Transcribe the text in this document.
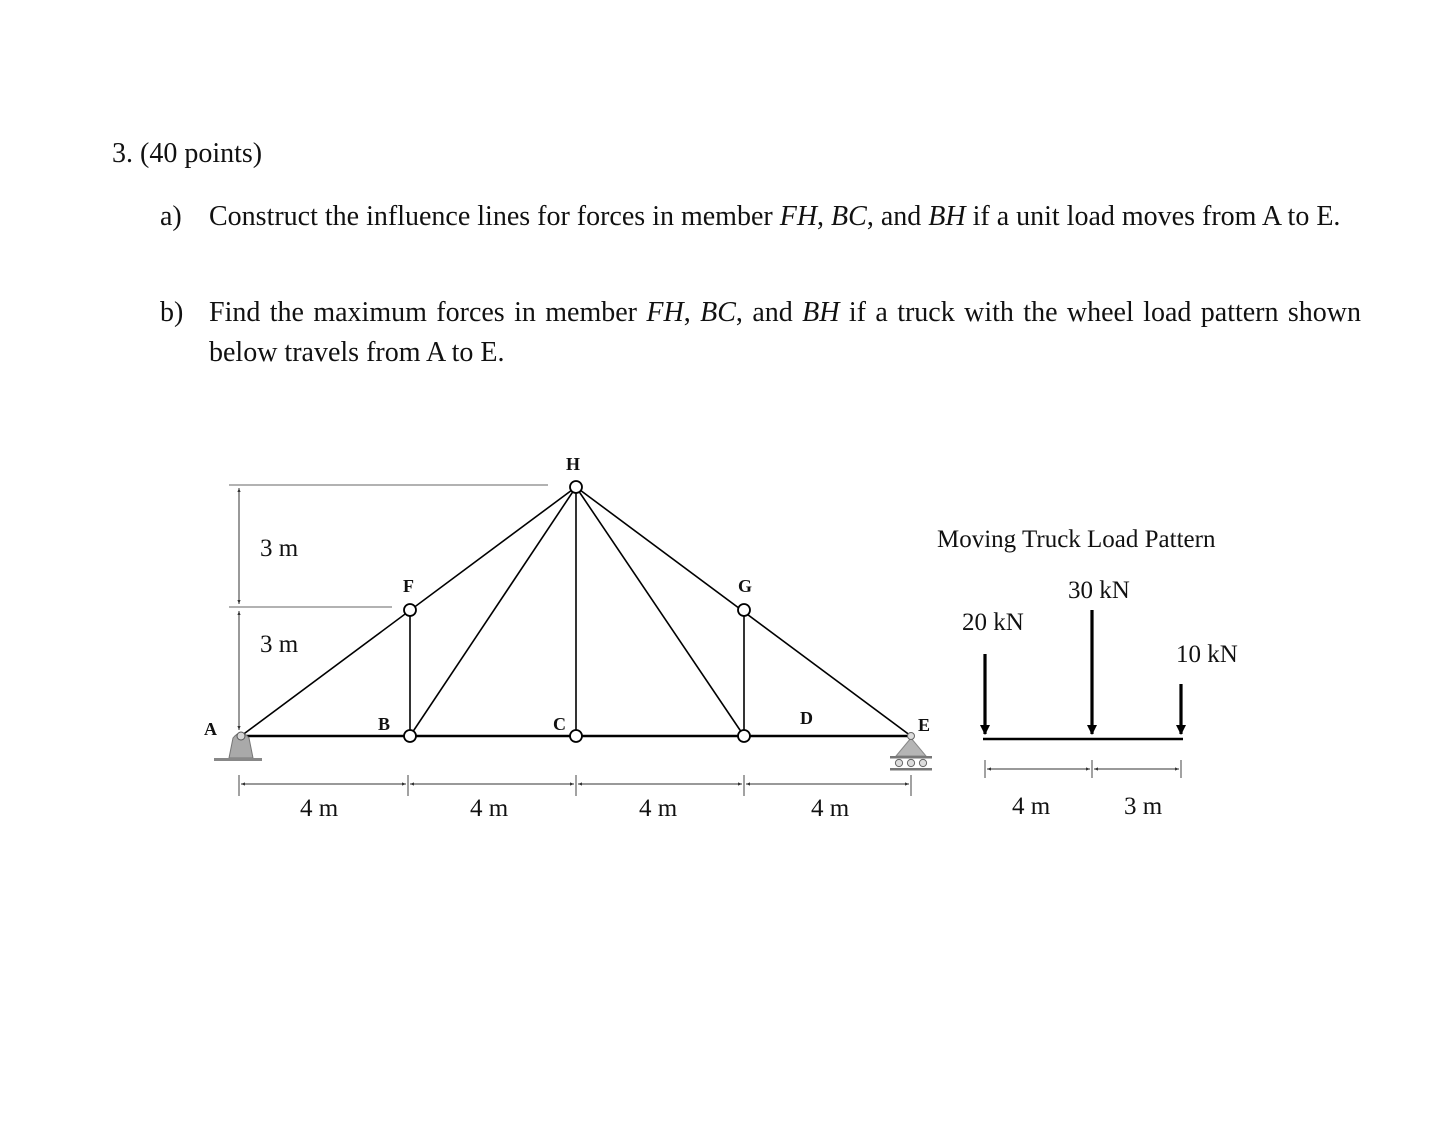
3. (40 points)
a) Construct the influence lines for forces in member FH, BC, and BH if a unit load moves from A to E.
b) Find the maximum forces in member FH, BC, and BH if a truck with the wheel load pattern shown below travels from A to E.
A	B	C	D	E
F	G
H
3 m
3 m
4 m	4 m	4 m	4 m
Moving Truck Load Pattern
20 kN
30 kN
10 kN
4 m	3 m
